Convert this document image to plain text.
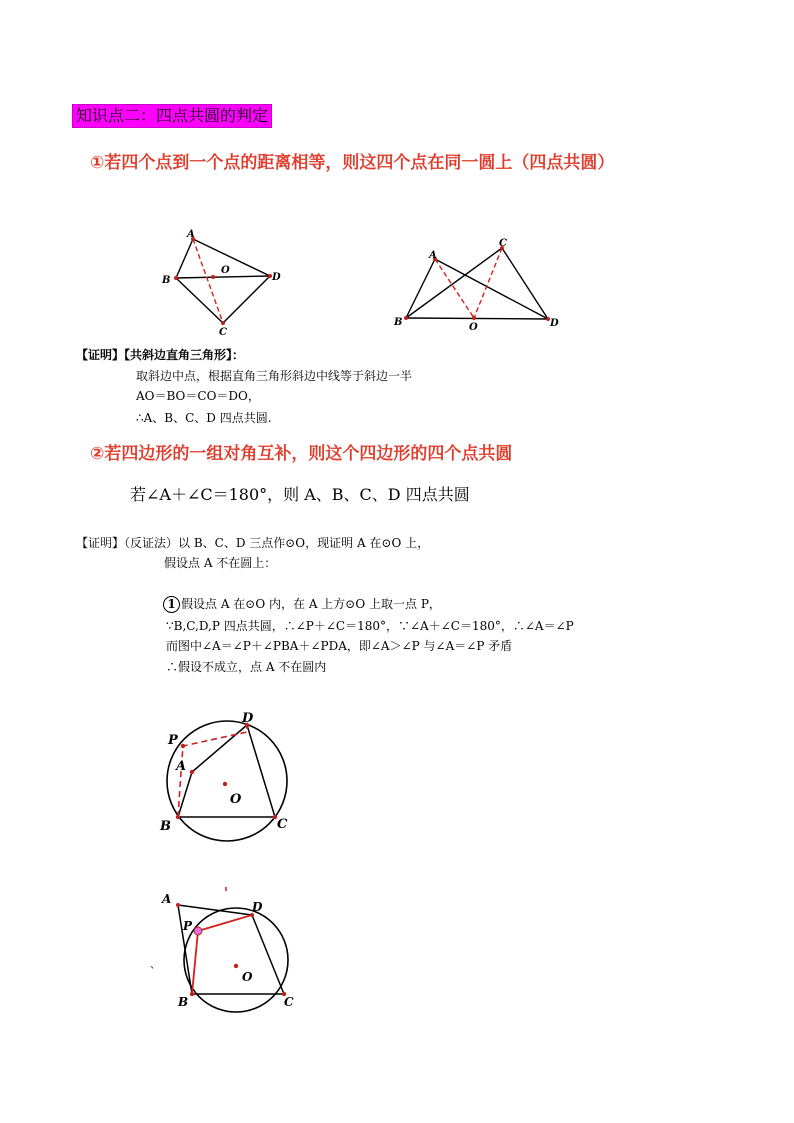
知识点二：四点共圆的判定
①若四个点到一个点的距离相等，则这四个点在同一圆上（四点共圆）
A
B	D
C
O
A
C
B	D
O
【证明】【共斜边直角三角形】：
取斜边中点，根据直角三角形斜边中线等于斜边一半
AO＝BO＝CO＝DO，
∴A、B、C、D 四点共圆.
②若四边形的一组对角互补，则这个四边形的四个点共圆
若∠A＋∠C＝180°，则 A、B、C、D 四点共圆
【证明】（反证法）以 B、C、D 三点作⊙O，现证明 A 在⊙O 上，
假设点 A 不在圆上：
1 假设点 A 在⊙O 内，在 A 上方⊙O 上取一点 P，
∵B,C,D,P 四点共圆，∴∠P＋∠C＝180°，∵∠A＋∠C＝180°，∴∠A＝∠P
而图中∠A＝∠P＋∠PBA＋∠PDA，即∠A＞∠P 与∠A＝∠P 矛盾
∴假设不成立，点 A 不在圆内
P
A
D
O
B	C
A
P
D
O
B	C
、
